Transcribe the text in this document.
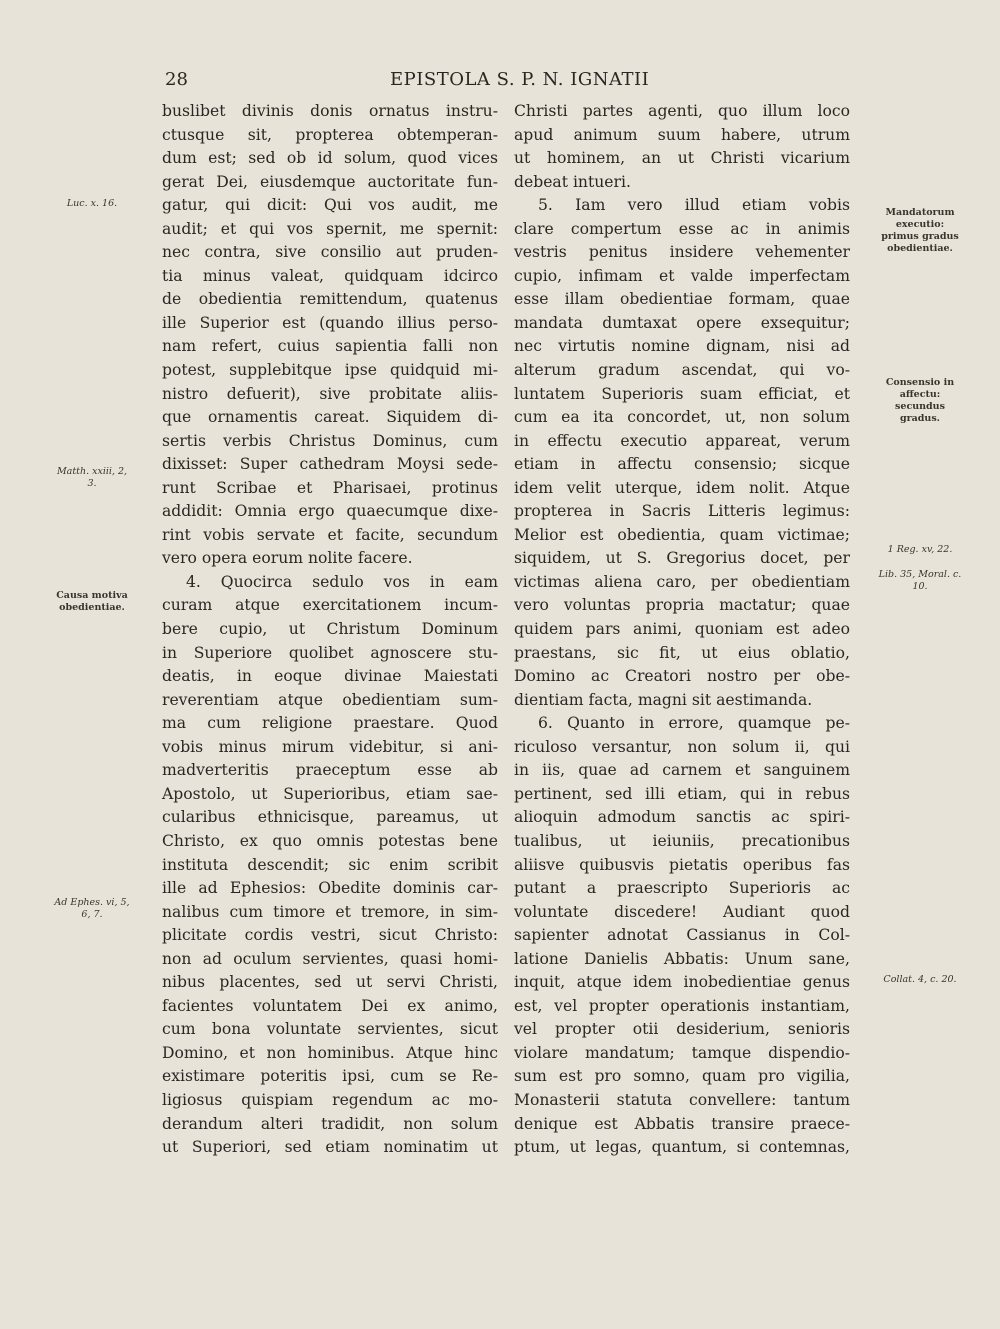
28	EPISTOLA S. P. N. IGNATII
buslibet divinis donis ornatus instru-
ctusque sit, propterea obtemperan-
dum est; sed ob id solum, quod vices
gerat Dei, eiusdemque auctoritate fun-
gatur, qui dicit: Qui vos audit, me
audit; et qui vos spernit, me spernit:
nec contra, sive consilio aut pruden-
tia minus valeat, quidquam idcirco
de obedientia remittendum, quatenus
ille Superior est (quando illius perso-
nam refert, cuius sapientia falli non
potest, supplebitque ipse quidquid mi-
nistro defuerit), sive probitate aliis-
que ornamentis careat. Siquidem di-
sertis verbis Christus Dominus, cum
dixisset: Super cathedram Moysi sede-
runt Scribae et Pharisaei, protinus
addidit: Omnia ergo quaecumque dixe-
rint vobis servate et facite, secundum
vero opera eorum nolite facere.
4. Quocirca sedulo vos in eam
curam atque exercitationem incum-
bere cupio, ut Christum Dominum
in Superiore quolibet agnoscere stu-
deatis, in eoque divinae Maiestati
reverentiam atque obedientiam sum-
ma cum religione praestare. Quod
vobis minus mirum videbitur, si ani-
madverteritis praeceptum esse ab
Apostolo, ut Superioribus, etiam sae-
cularibus ethnicisque, pareamus, ut
Christo, ex quo omnis potestas bene
instituta descendit; sic enim scribit
ille ad Ephesios: Obedite dominis car-
nalibus cum timore et tremore, in sim-
plicitate cordis vestri, sicut Christo:
non ad oculum servientes, quasi homi-
nibus placentes, sed ut servi Christi,
facientes voluntatem Dei ex animo,
cum bona voluntate servientes, sicut
Domino, et non hominibus. Atque hinc
existimare poteritis ipsi, cum se Re-
ligiosus quispiam regendum ac mo-
derandum alteri tradidit, non solum
ut Superiori, sed etiam nominatim ut
Christi partes agenti, quo illum loco
apud animum suum habere, utrum
ut hominem, an ut Christi vicarium
debeat intueri.
5. Iam vero illud etiam vobis
clare compertum esse ac in animis
vestris penitus insidere vehementer
cupio, infimam et valde imperfectam
esse illam obedientiae formam, quae
mandata dumtaxat opere exsequitur;
nec virtutis nomine dignam, nisi ad
alterum gradum ascendat, qui vo-
luntatem Superioris suam efficiat, et
cum ea ita concordet, ut, non solum
in effectu executio appareat, verum
etiam in affectu consensio; sicque
idem velit uterque, idem nolit. Atque
propterea in Sacris Litteris legimus:
Melior est obedientia, quam victimae;
siquidem, ut S. Gregorius docet, per
victimas aliena caro, per obedientiam
vero voluntas propria mactatur; quae
quidem pars animi, quoniam est adeo
praestans, sic fit, ut eius oblatio,
Domino ac Creatori nostro per obe-
dientiam facta, magni sit aestimanda.
6. Quanto in errore, quamque pe-
riculoso versantur, non solum ii, qui
in iis, quae ad carnem et sanguinem
pertinent, sed illi etiam, qui in rebus
alioquin admodum sanctis ac spiri-
tualibus, ut ieiuniis, precationibus
aliisve quibusvis pietatis operibus fas
putant a praescripto Superioris ac
voluntate discedere! Audiant quod
sapienter adnotat Cassianus in Col-
latione Danielis Abbatis: Unum sane,
inquit, atque idem inobedientiae genus
est, vel propter operationis instantiam,
vel propter otii desiderium, senioris
violare mandatum; tamque dispendio-
sum est pro somno, quam pro vigilia,
Monasterii statuta convellere: tantum
denique est Abbatis transire praece-
ptum, ut legas, quantum, si contemnas,
Luc. x. 16.
Matth. xxiii, 2, 3.
Causa motiva obedientiae.
Ad Ephes. vi, 5, 6, 7.
Mandatorum executio: primus gradus obedientiae.
Consensio in affectu: secundus gradus.
1 Reg. xv, 22.
Lib. 35, Moral. c. 10.
Collat. 4, c. 20.
